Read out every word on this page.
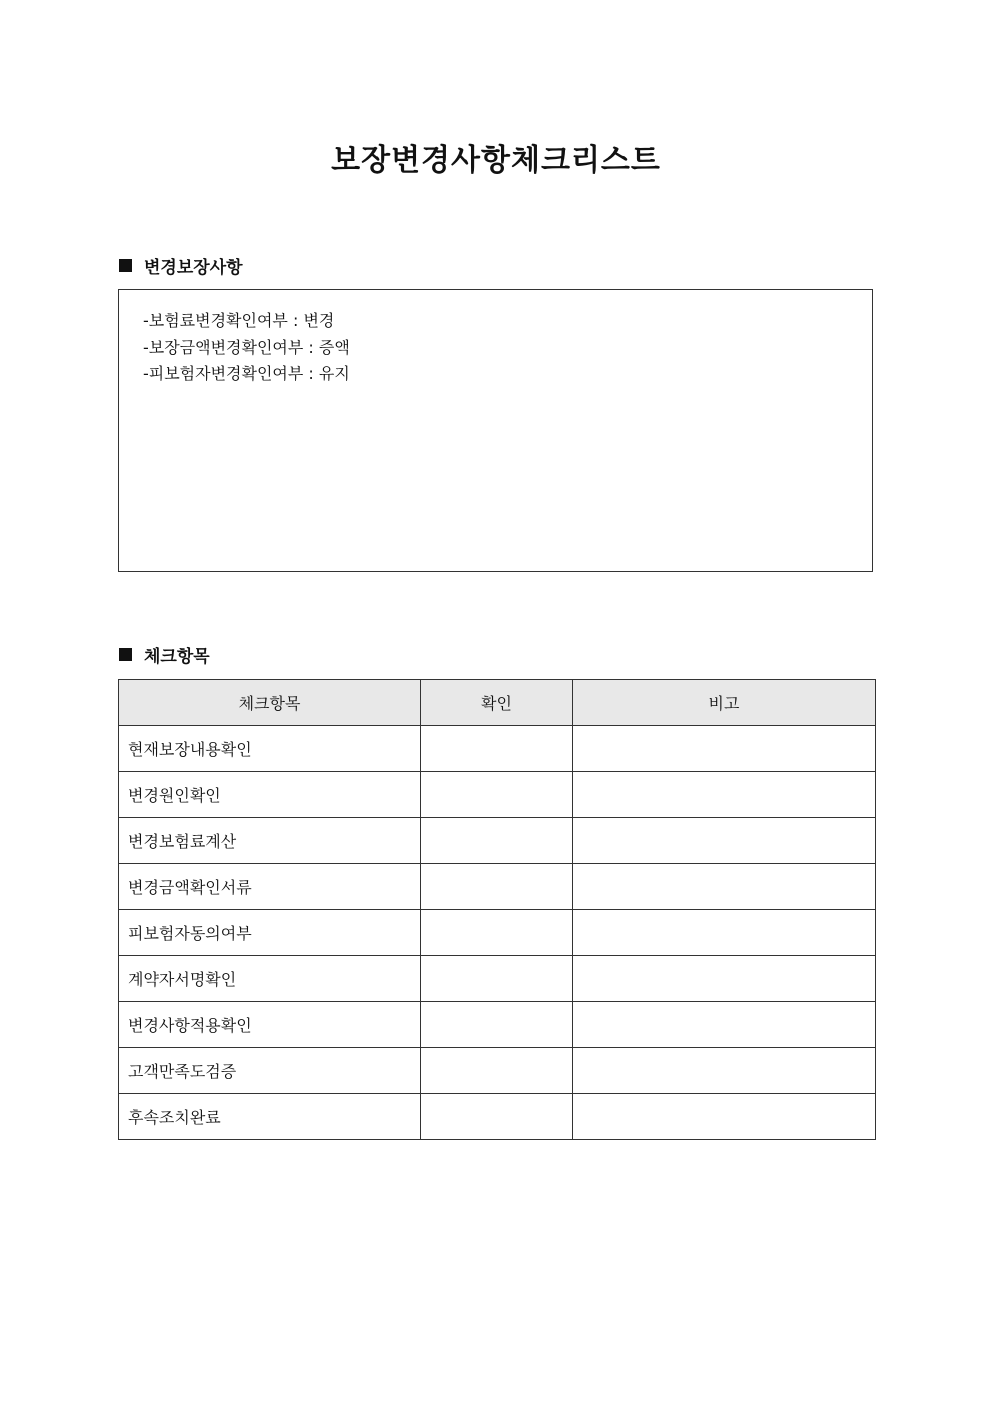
보장변경사항체크리스트
변경보장사항
-보험료변경확인여부 : 변경
-보장금액변경확인여부 : 증액
-피보험자변경확인여부 : 유지
체크항목
체크항목	확인	비고
현재보장내용확인		
변경원인확인		
변경보험료계산		
변경금액확인서류		
피보험자동의여부		
계약자서명확인		
변경사항적용확인		
고객만족도검증		
후속조치완료		
